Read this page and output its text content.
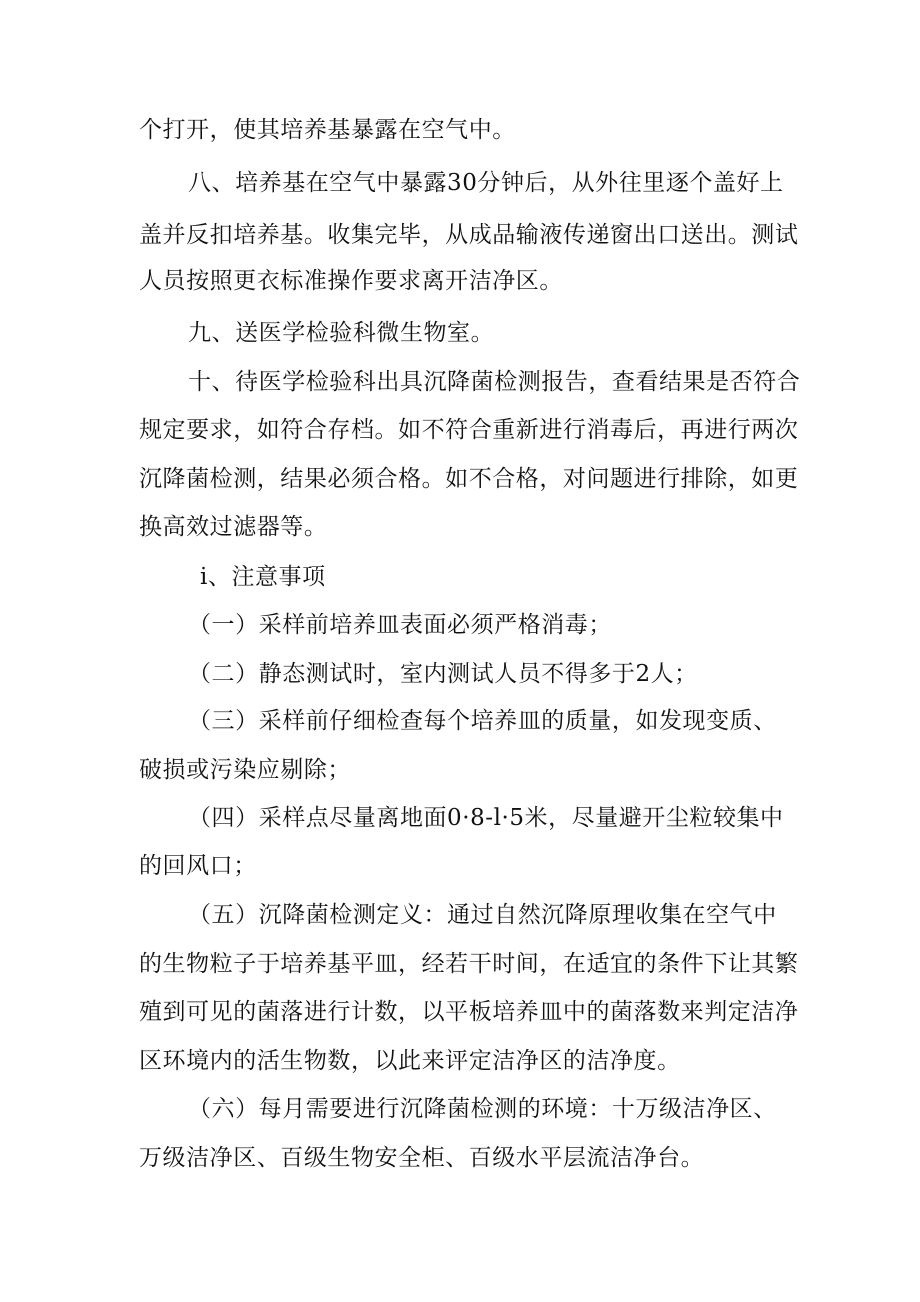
个打开，使其培养基暴露在空气中。
八、培养基在空气中暴露30分钟后，从外往里逐个盖好上
盖并反扣培养基。收集完毕，从成品输液传递窗出口送出。测试
人员按照更衣标准操作要求离开洁净区。
九、送医学检验科微生物室。
十、待医学检验科出具沉降菌检测报告，查看结果是否符合
规定要求，如符合存档。如不符合重新进行消毒后，再进行两次
沉降菌检测，结果必须合格。如不合格，对问题进行排除，如更
换高效过滤器等。
i、注意事项
（一）采样前培养皿表面必须严格消毒；
（二）静态测试时，室内测试人员不得多于2人；
（三）采样前仔细检查每个培养皿的质量，如发现变质、
破损或污染应剔除；
（四）采样点尽量离地面0·8-l·5米，尽量避开尘粒较集中
的回风口；
（五）沉降菌检测定义：通过自然沉降原理收集在空气中
的生物粒子于培养基平皿，经若干时间，在适宜的条件下让其繁
殖到可见的菌落进行计数，以平板培养皿中的菌落数来判定洁净
区环境内的活生物数，以此来评定洁净区的洁净度。
（六）每月需要进行沉降菌检测的环境：十万级洁净区、
万级洁净区、百级生物安全柜、百级水平层流洁净台。
